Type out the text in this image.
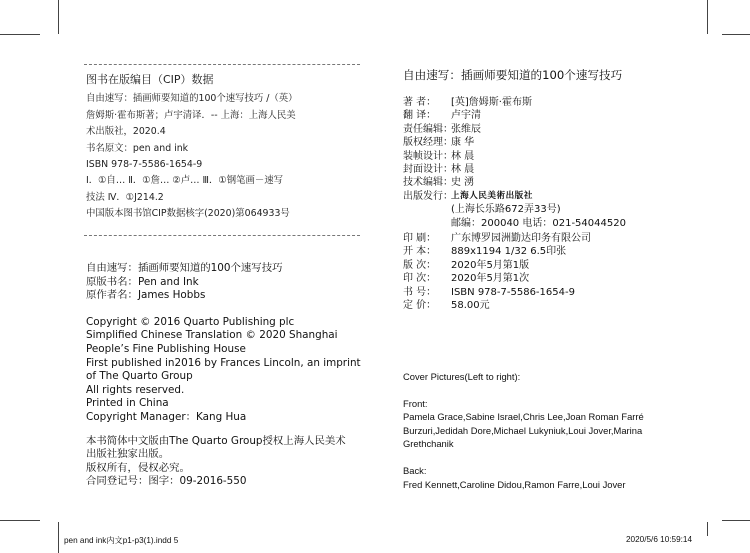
图书在版编目（CIP）数据
自由速写：插画师要知道的100个速写技巧 /（英）
詹姆斯·霍布斯著；卢宇清译．-- 上海：上海人民美
术出版社，2020.4
书名原文：pen and ink
ISBN 978-7-5586-1654-9
Ⅰ．①自… Ⅱ．①詹… ②卢… Ⅲ．①钢笔画－速写
技法 Ⅳ．①J214.2
中国版本图书馆CIP数据核字(2020)第064933号
自由速写：插画师要知道的100个速写技巧
原版书名：Pen and Ink
原作者名：James Hobbs
Copyright © 2016 Quarto Publishing plc
Simplified Chinese Translation © 2020 Shanghai
People’s Fine Publishing House
First published in2016 by Frances Lincoln, an imprint
of The Quarto Group
All rights reserved.
Printed in China
Copyright Manager：Kang Hua
本书简体中文版由The Quarto Group授权上海人民美术
出版社独家出版。
版权所有，侵权必究。
合同登记号：图字：09-2016-550
自由速写：插画师要知道的100个速写技巧
著 者：	[英]詹姆斯·霍布斯
翻 译：	卢宇清
责任编辑：
张维辰
版权经理：
康 华
装帧设计：
林 晨
封面设计：
林 晨
技术编辑：
史 湧
出版发行：
上海人民美術出版社
(上海长乐路672弄33号)
邮编：200040 电话：021-54044520
印 刷：	广东博罗园洲勤达印务有限公司
开 本：	889x1194 1/32 6.5印张
版 次：	2020年5月第1版
印 次：	2020年5月第1次
书 号：	ISBN 978-7-5586-1654-9
定 价：	58.00元
Cover Pictures(Left to right):
Front:
Pamela Grace,Sabine Israel,Chris Lee,Joan Roman Farré Burzuri,Jedidah Dore,Michael Lukyniuk,Loui Jover,Marina Grethchanik
Back:
Fred Kennett,Caroline Didou,Ramon Farre,Loui Jover
pen and ink内文p1-p3(1).indd 5	2020/5/6 10:59:14
